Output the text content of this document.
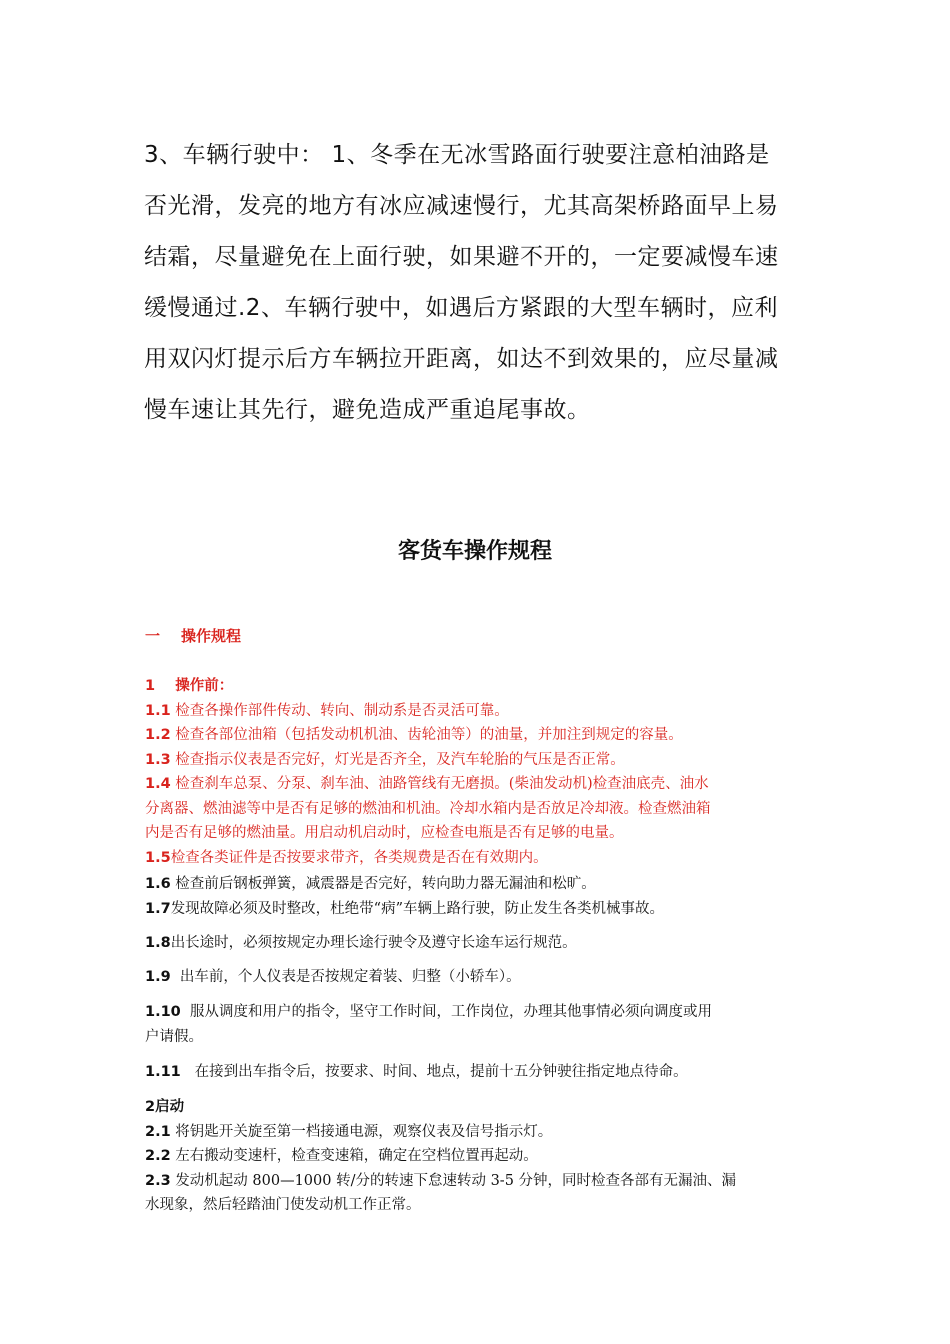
3、车辆行驶中： 1、冬季在无冰雪路面行驶要注意柏油路是
否光滑，发亮的地方有冰应减速慢行，尤其高架桥路面早上易
结霜，尽量避免在上面行驶，如果避不开的，一定要减慢车速
缓慢通过.2、车辆行驶中，如遇后方紧跟的大型车辆时，应利
用双闪灯提示后方车辆拉开距离，如达不到效果的，应尽量减
慢车速让其先行，避免造成严重追尾事故。
客货车操作规程
一 操作规程
1 操作前：
1.1 检查各操作部件传动、转向、制动系是否灵活可靠。
1.2 检查各部位油箱（包括发动机机油、齿轮油等）的油量，并加注到规定的容量。
1.3 检查指示仪表是否完好，灯光是否齐全，及汽车轮胎的气压是否正常。
1.4 检查刹车总泵、分泵、刹车油、油路管线有无磨损。(柴油发动机)检查油底壳、油水
分离器、燃油滤等中是否有足够的燃油和机油。冷却水箱内是否放足冷却液。检查燃油箱
内是否有足够的燃油量。用启动机启动时，应检查电瓶是否有足够的电量。
1.5检查各类证件是否按要求带齐，各类规费是否在有效期内。
1.6 检查前后钢板弹簧，减震器是否完好，转向助力器无漏油和松旷。
1.7发现故障必须及时整改，杜绝带“病”车辆上路行驶，防止发生各类机械事故。
1.8出长途时，必须按规定办理长途行驶令及遵守长途车运行规范。
1.9 出车前，个人仪表是否按规定着装、归整（小轿车）。
1.10 服从调度和用户的指令，坚守工作时间，工作岗位，办理其他事情必须向调度或用
户请假。
1.11 在接到出车指令后，按要求、时间、地点，提前十五分钟驶往指定地点待命。
2启动
2.1 将钥匙开关旋至第一档接通电源，观察仪表及信号指示灯。
2.2 左右搬动变速杆，检查变速箱，确定在空档位置再起动。
2.3 发动机起动 800—1000 转/分的转速下怠速转动 3-5 分钟，同时检查各部有无漏油、漏
水现象，然后轻踏油门使发动机工作正常。
